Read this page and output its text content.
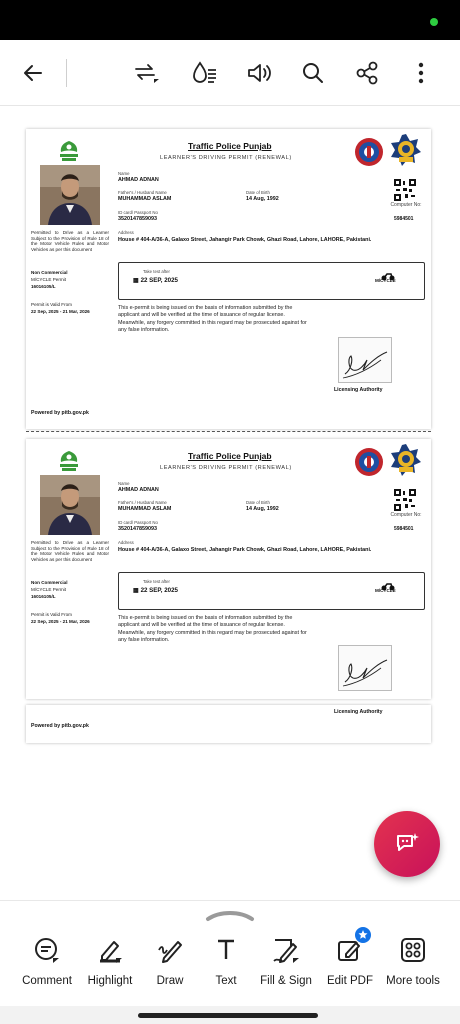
Traffic Police Punjab
LEARNER'S DRIVING PERMIT (RENEWAL)
Name
AHMAD ADNAN
Father's / Husband Name
MUHAMMAD ASLAM
Date of Birth
14 Aug, 1992
ID card/ Passport No
3520147859093
Computer No:
5984501
Permitted to Drive as a Learner Subject to the Provision of Rule 18 of the Motor Vehicle Rules and Motor Vehicles as per this document
Address
House # 404-A/36-A, Galaxo Street, Jahangir Park Chowk, Ghazi Road, Lahore, LAHORE, Pakistani.
Non Commercial
M/CYCLE Permit
16016105/L
Permit is Valid From
22 Sep, 2025 - 21 Mar, 2026
Take test after
▦ 22 SEP, 2025	M/CYCLE
This e-permit is being issued on the basis of information submitted by the applicant and will be verified at the time of issuance of regular license. Meanwhile, any forgery committed in this regard may be prosecuted against for any false information.
Licensing Authority
Powered by pitb.gov.pk
Traffic Police Punjab
LEARNER'S DRIVING PERMIT (RENEWAL)
Name
AHMAD ADNAN
Father's / Husband Name
MUHAMMAD ASLAM
Date of Birth
14 Aug, 1992
ID card/ Passport No
3520147859093
Computer No:
5984501
Permitted to Drive as a Learner Subject to the Provision of Rule 18 of the Motor Vehicle Rules and Motor Vehicles as per this document
Address
House # 404-A/36-A, Galaxo Street, Jahangir Park Chowk, Ghazi Road, Lahore, LAHORE, Pakistani.
Non Commercial
M/CYCLE Permit
16016105/L
Permit is Valid From
22 Sep, 2025 - 21 Mar, 2026
Take test after
▦ 22 SEP, 2025	M/CYCLE
This e-permit is being issued on the basis of information submitted by the applicant and will be verified at the time of issuance of regular license. Meanwhile, any forgery committed in this regard may be prosecuted against for any false information.
Licensing Authority
Powered by pitb.gov.pk
Comment Highlight Draw	Text Fill & Sign Edit PDF More tools
